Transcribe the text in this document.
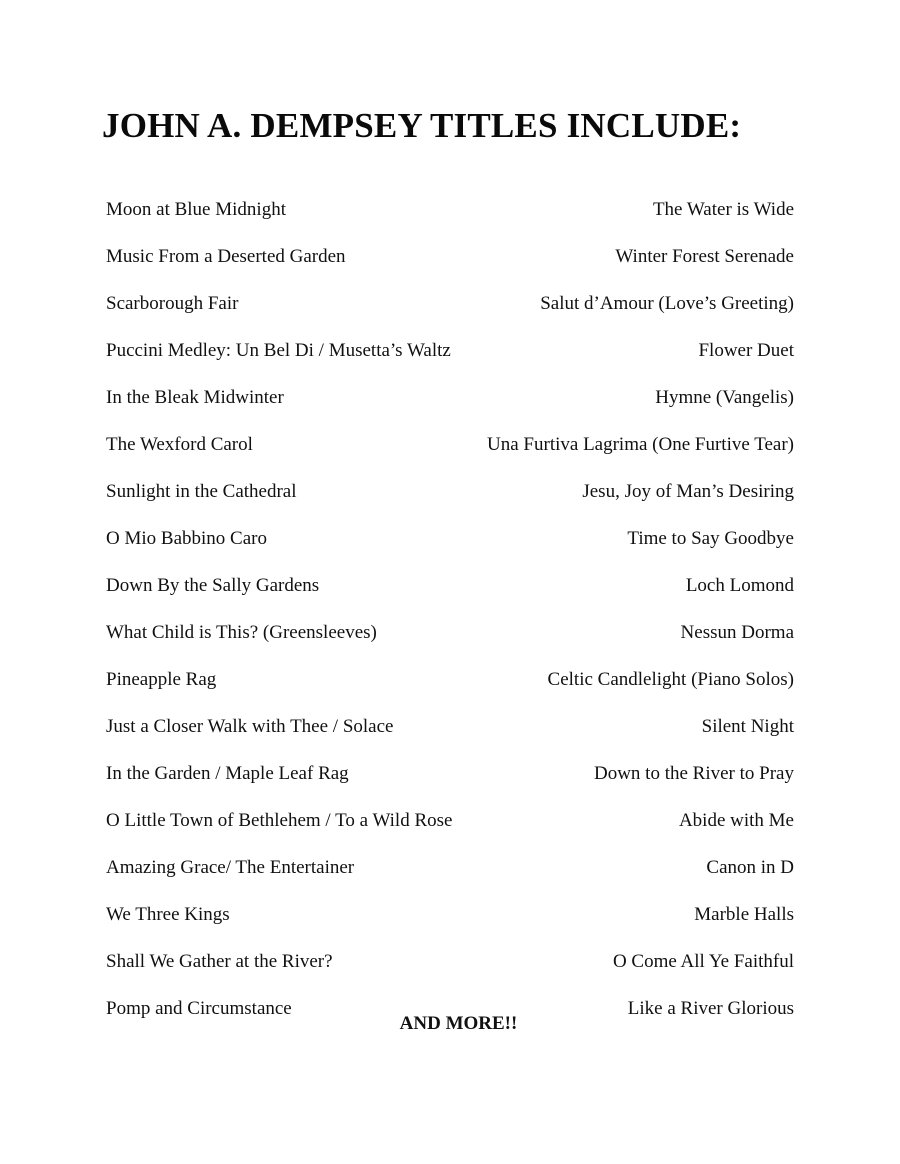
JOHN A. DEMPSEY TITLES INCLUDE:
Moon at Blue Midnight	The Water is Wide
Music From a Deserted Garden	Winter Forest Serenade
Scarborough Fair	Salut d’Amour (Love’s Greeting)
Puccini Medley: Un Bel Di / Musetta’s Waltz	Flower Duet
In the Bleak Midwinter	Hymne (Vangelis)
The Wexford Carol	Una Furtiva Lagrima (One Furtive Tear)
Sunlight in the Cathedral	Jesu, Joy of Man’s Desiring
O Mio Babbino Caro	Time to Say Goodbye
Down By the Sally Gardens	Loch Lomond
What Child is This? (Greensleeves)	Nessun Dorma
Pineapple Rag	Celtic Candlelight (Piano Solos)
Just a Closer Walk with Thee / Solace	Silent Night
In the Garden / Maple Leaf Rag	Down to the River to Pray
O Little Town of Bethlehem / To a Wild Rose	Abide with Me
Amazing Grace/ The Entertainer	Canon in D
We Three Kings	Marble Halls
Shall We Gather at the River?	O Come All Ye Faithful
Pomp and Circumstance	Like a River Glorious
AND MORE!!
